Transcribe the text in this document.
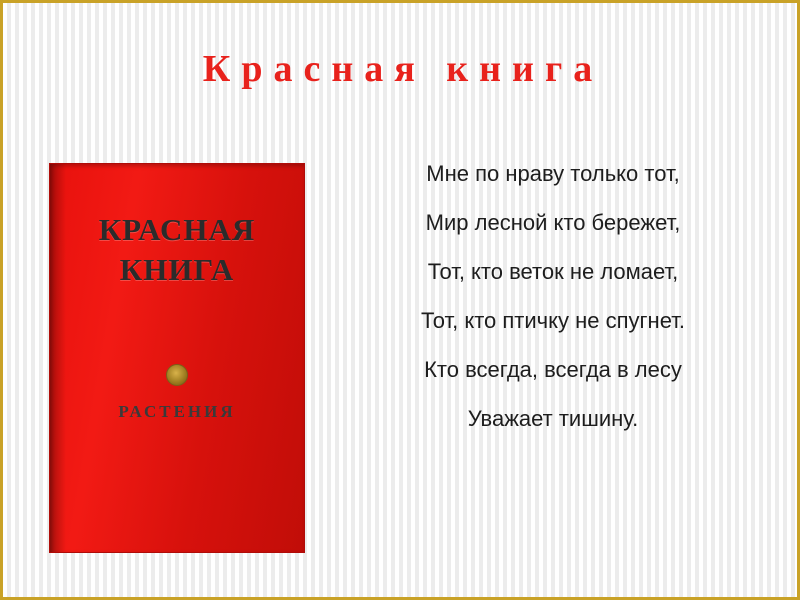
Красная книга
КРАСНАЯ
КНИГА
РАСТЕНИЯ

Мне по нраву только тот,

Мир лесной кто бережет,

Тот, кто веток не ломает,

Тот, кто птичку не спугнет.

Кто всегда, всегда в лесу

Уважает тишину.
